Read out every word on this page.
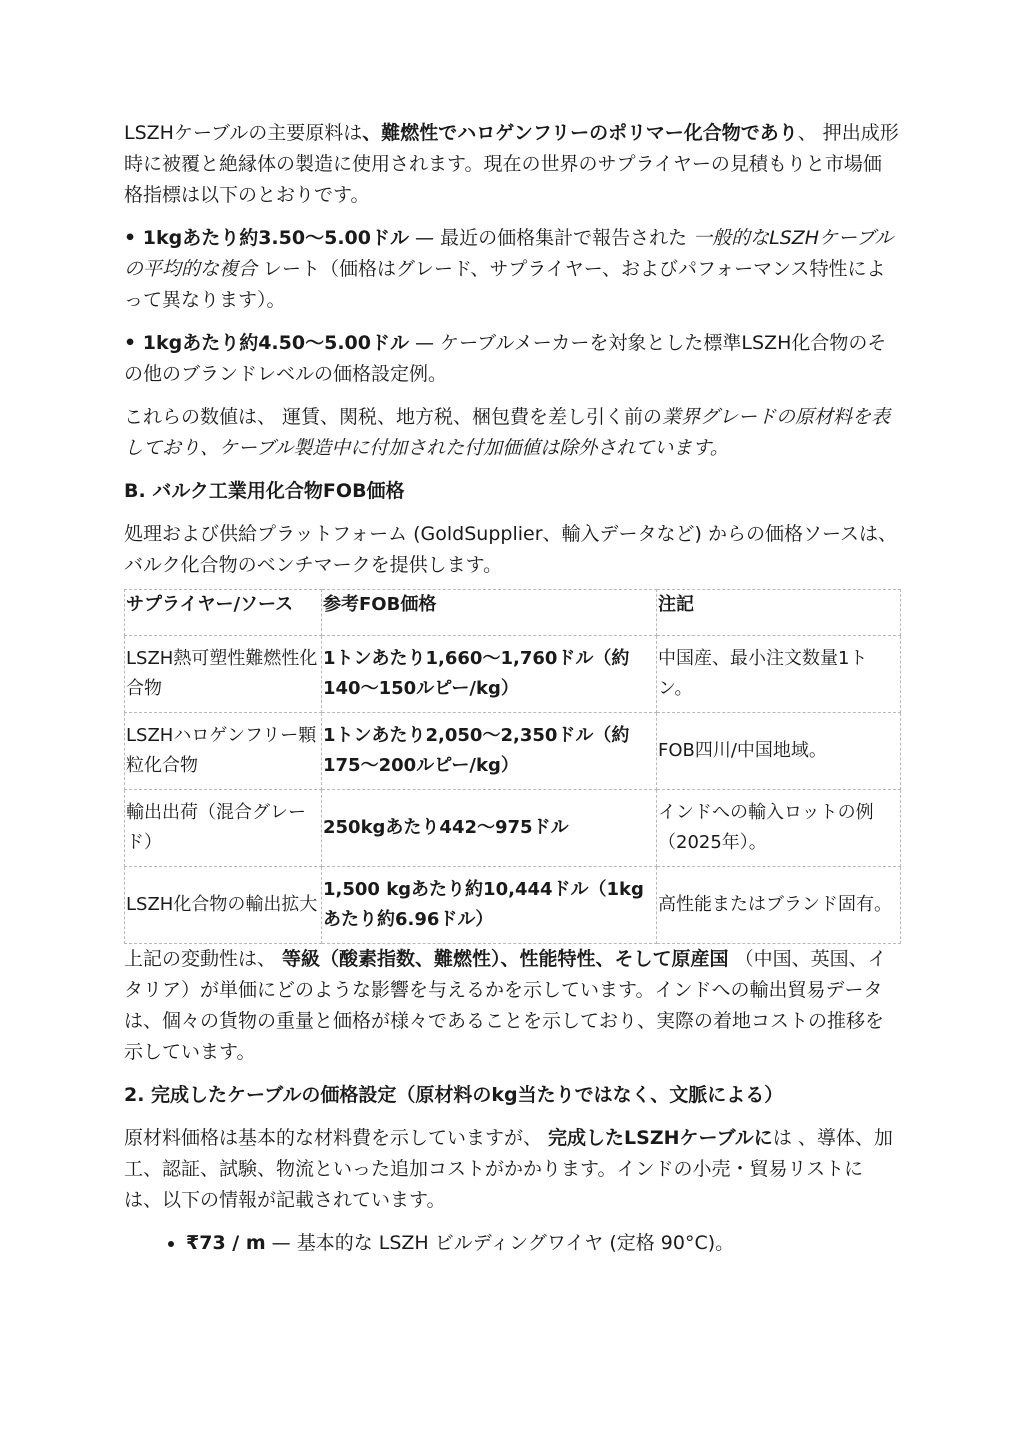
LSZHケーブルの主要原料は、難燃性でハロゲンフリーのポリマー化合物であり、 押出成形時に被覆と絶縁体の製造に使用されます。現在の世界のサプライヤーの見積もりと市場価格指標は以下のとおりです。

• 1kgあたり約3.50〜5.00ドル — 最近の価格集計で報告された 一般的なLSZHケーブルの平均的な複合 レート（価格はグレード、サプライヤー、およびパフォーマンス特性によって異なります）。

• 1kgあたり約4.50〜5.00ドル — ケーブルメーカーを対象とした標準LSZH化合物のその他のブランドレベルの価格設定例。

これらの数値は、 運賃、関税、地方税、梱包費を差し引く前の業界グレードの原材料を表しており、ケーブル製造中に付加された付加価値は除外されています。

B. バルク工業用化合物FOB価格

処理および供給プラットフォーム (GoldSupplier、輸入データなど) からの価格ソースは、バルク化合物のベンチマークを提供します。

サプライヤー/ソース	参考FOB価格	注記
LSZH熱可塑性難燃性化合物	1トンあたり1,660〜1,760ドル（約140〜150ルピー/kg）	中国産、最小注文数量1トン。
LSZHハロゲンフリー顆粒化合物	1トンあたり2,050〜2,350ドル（約175〜200ルピー/kg）	FOB四川/中国地域。
輸出出荷（混合グレード）	250kgあたり442〜975ドル	インドへの輸入ロットの例（2025年）。
LSZH化合物の輸出拡大	1,500 kgあたり約10,444ドル（1kgあたり約6.96ドル）	高性能またはブランド固有。

上記の変動性は、 等級（酸素指数、難燃性）、性能特性、そして原産国 （中国、英国、イタリア）が単価にどのような影響を与えるかを示しています。インドへの輸出貿易データは、個々の貨物の重量と価格が様々であることを示しており、実際の着地コストの推移を示しています。

2. 完成したケーブルの価格設定（原材料のkg当たりではなく、文脈による）

原材料価格は基本的な材料費を示していますが、 完成したLSZHケーブルには 、導体、加工、認証、試験、物流といった追加コストがかかります。インドの小売・貿易リストには、以下の情報が記載されています。

• ₹73 / m — 基本的な LSZH ビルディングワイヤ (定格 90°C)。
